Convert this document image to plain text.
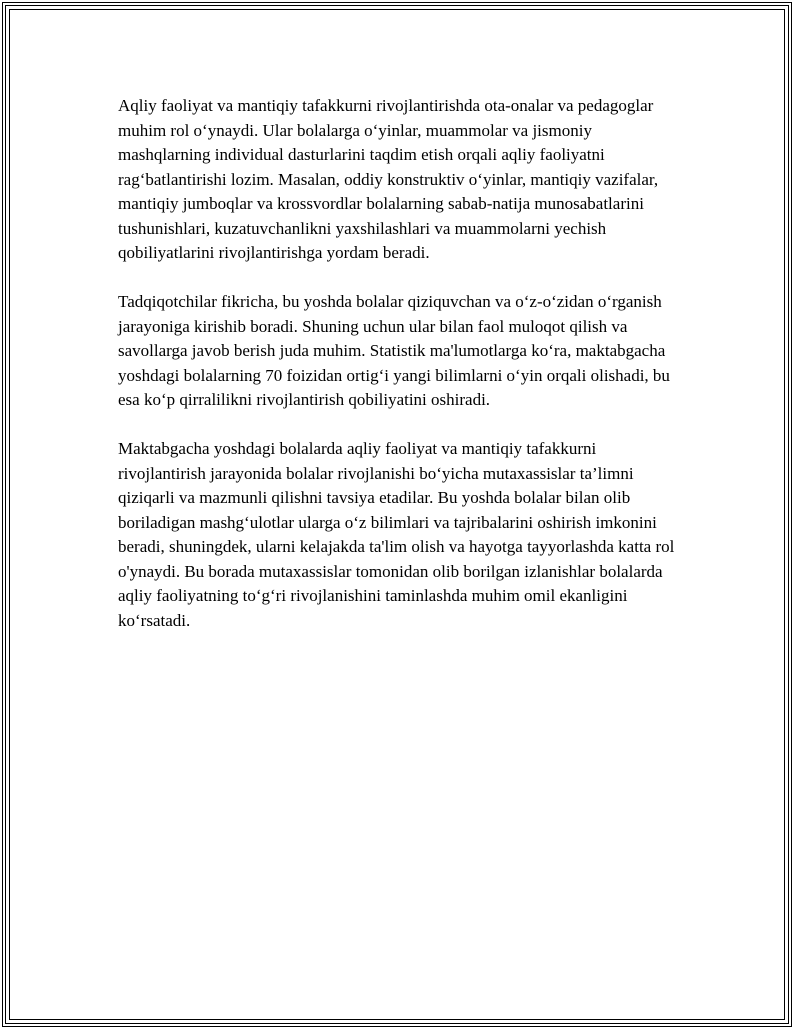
Aqliy faoliyat va mantiqiy tafakkurni rivojlantirishda ota-onalar va pedagoglar muhim rol oʻynaydi. Ular bolalarga oʻyinlar, muammolar va jismoniy mashqlarning individual dasturlarini taqdim etish orqali aqliy faoliyatni ragʻbatlantirishi lozim. Masalan, oddiy konstruktiv oʻyinlar, mantiqiy vazifalar, mantiqiy jumboqlar va krossvordlar bolalarning sabab-natija munosabatlarini tushunishlari, kuzatuvchanlikni yaxshilashlari va muammolarni yechish qobiliyatlarini rivojlantirishga yordam beradi.

Tadqiqotchilar fikricha, bu yoshda bolalar qiziquvchan va oʻz-oʻzidan oʻrganish jarayoniga kirishib boradi. Shuning uchun ular bilan faol muloqot qilish va savollarga javob berish juda muhim. Statistik ma'lumotlarga koʻra, maktabgacha yoshdagi bolalarning 70 foizidan ortigʻi yangi bilimlarni oʻyin orqali olishadi, bu esa koʻp qirralilikni rivojlantirish qobiliyatini oshiradi.

Maktabgacha yoshdagi bolalarda aqliy faoliyat va mantiqiy tafakkurni rivojlantirish jarayonida bolalar rivojlanishi boʻyicha mutaxassislar ta’limni qiziqarli va mazmunli qilishni tavsiya etadilar. Bu yoshda bolalar bilan olib boriladigan mashgʻulotlar ularga oʻz bilimlari va tajribalarini oshirish imkonini beradi, shuningdek, ularni kelajakda ta'lim olish va hayotga tayyorlashda katta rol o'ynaydi. Bu borada mutaxassislar tomonidan olib borilgan izlanishlar bolalarda aqliy faoliyatning toʻgʻri rivojlanishini taminlashda muhim omil ekanligini koʻrsatadi.
